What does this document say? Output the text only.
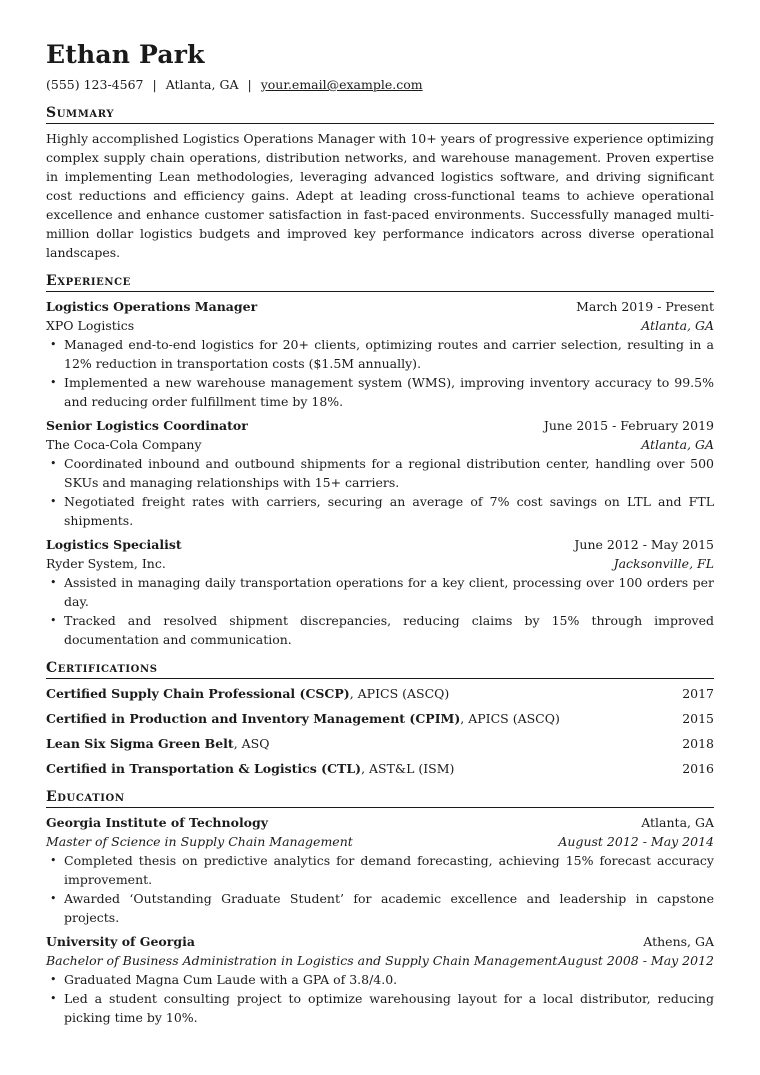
Ethan Park
(555) 123-4567 | Atlanta, GA | your.email@example.com
Summary

Highly accomplished Logistics Operations Manager with 10+ years of progressive experience optimizing complex supply chain operations, distribution networks, and warehouse management. Proven expertise in implementing Lean methodologies, leveraging advanced logistics software, and driving significant cost reductions and efficiency gains. Adept at leading cross-functional teams to achieve operational excellence and enhance customer satisfaction in fast-paced environments. Successfully managed multi-million dollar logistics budgets and improved key performance indicators across diverse operational landscapes.

Experience
Logistics Operations Manager	March 2019 - Present
XPO Logistics	Atlanta, GA
• Managed end-to-end logistics for 20+ clients, optimizing routes and carrier selection, resulting in a 12% reduction in transportation costs ($1.5M annually).
• Implemented a new warehouse management system (WMS), improving inventory accuracy to 99.5% and reducing order fulfillment time by 18%.
Senior Logistics Coordinator	June 2015 - February 2019
The Coca-Cola Company	Atlanta, GA
• Coordinated inbound and outbound shipments for a regional distribution center, handling over 500 SKUs and managing relationships with 15+ carriers.
• Negotiated freight rates with carriers, securing an average of 7% cost savings on LTL and FTL shipments.
Logistics Specialist	June 2012 - May 2015
Ryder System, Inc.	Jacksonville, FL
• Assisted in managing daily transportation operations for a key client, processing over 100 orders per day.
• Tracked and resolved shipment discrepancies, reducing claims by 15% through improved documentation and communication.
Certifications
Certified Supply Chain Professional (CSCP), APICS (ASCQ)	2017
Certified in Production and Inventory Management (CPIM), APICS (ASCQ)	2015
Lean Six Sigma Green Belt, ASQ	2018
Certified in Transportation & Logistics (CTL), AST&L (ISM)	2016
Education
Georgia Institute of Technology	Atlanta, GA
Master of Science in Supply Chain Management	August 2012 - May 2014
• Completed thesis on predictive analytics for demand forecasting, achieving 15% forecast accuracy improvement.
• Awarded ‘Outstanding Graduate Student’ for academic excellence and leadership in capstone projects.
University of Georgia	Athens, GA
Bachelor of Business Administration in Logistics and Supply Chain Management August 2008 - May 2012
• Graduated Magna Cum Laude with a GPA of 3.8/4.0.
• Led a student consulting project to optimize warehousing layout for a local distributor, reducing picking time by 10%.
